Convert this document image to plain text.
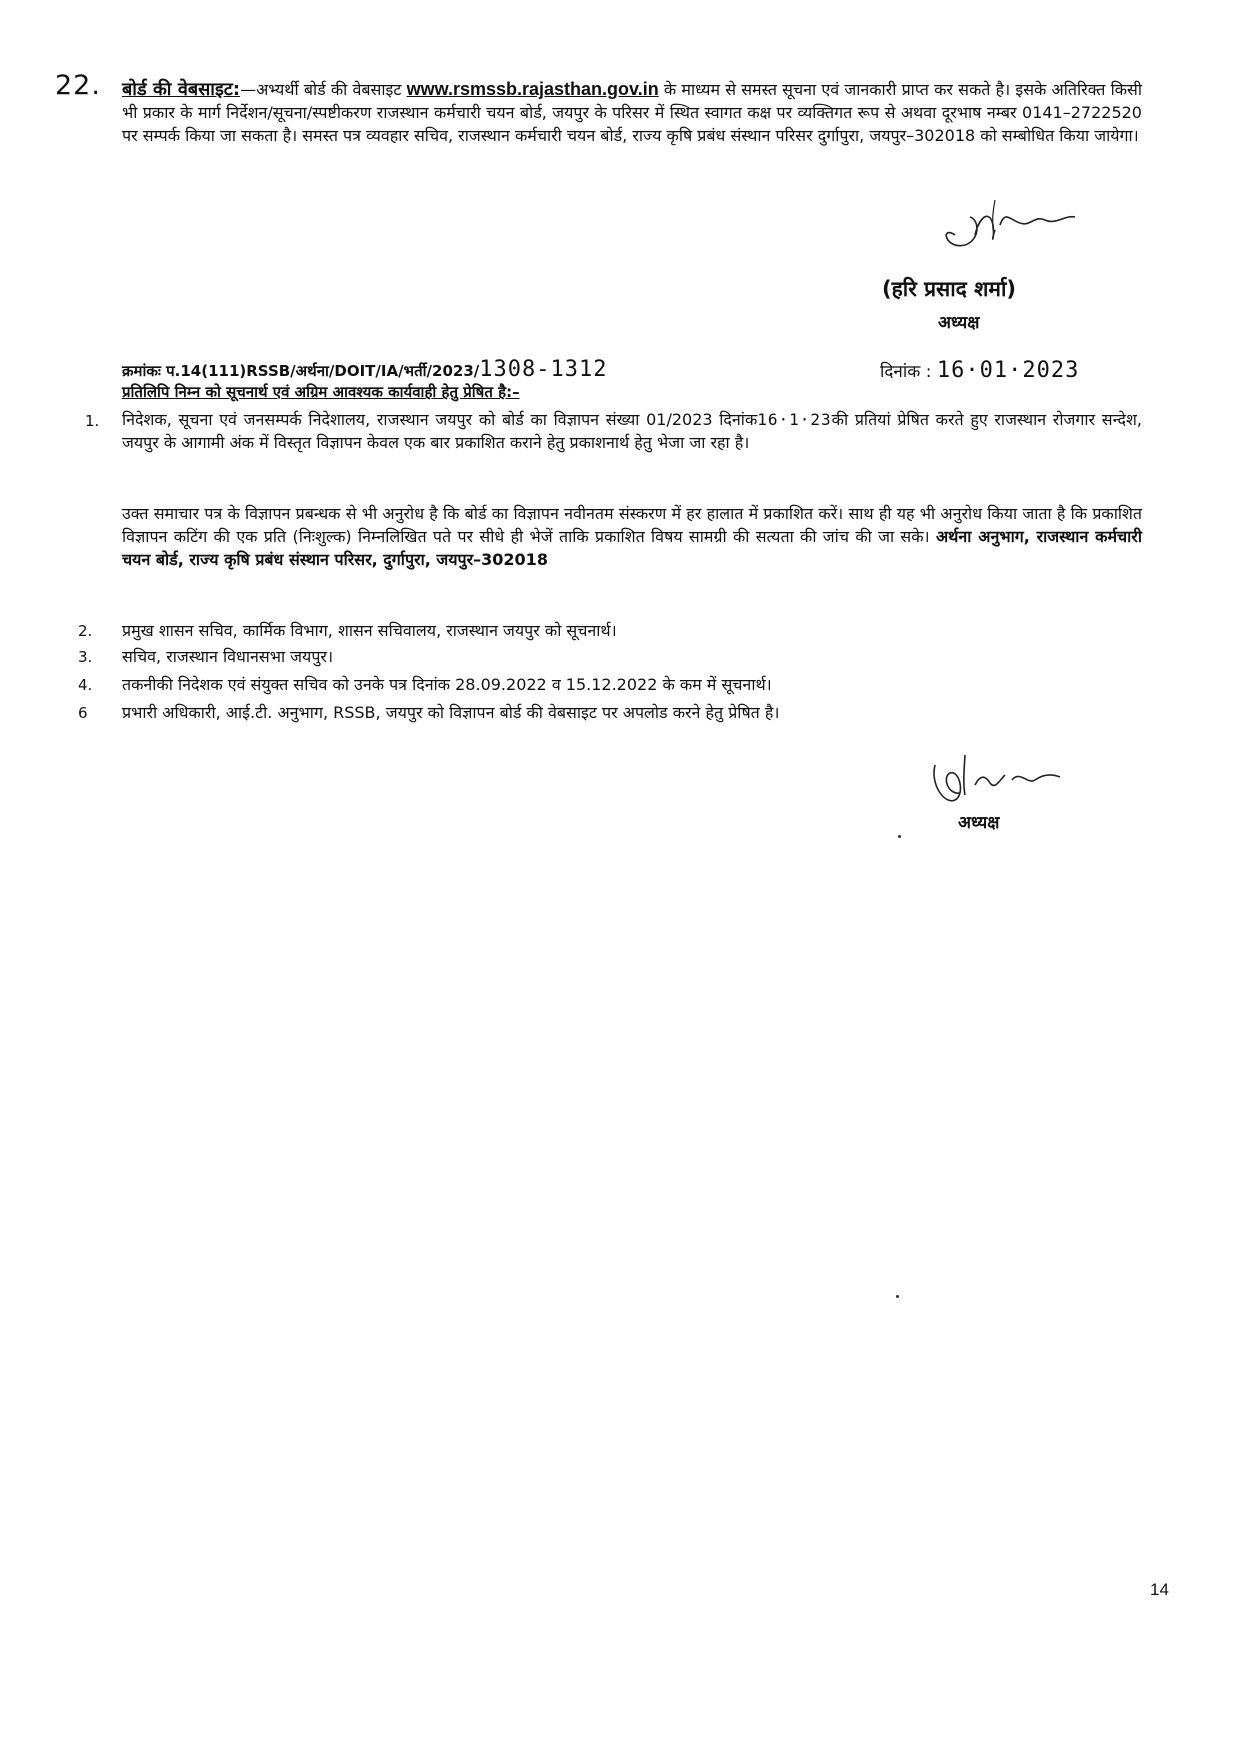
22. बोर्ड की वेबसाइट:—अभ्यर्थी बोर्ड की वेबसाइट www.rsmssb.rajasthan.gov.in के माध्यम से समस्त सूचना एवं जानकारी प्राप्त कर सकते है। इसके अतिरिक्त किसी भी प्रकार के मार्ग निर्देशन/सूचना/स्पष्टीकरण राजस्थान कर्मचारी चयन बोर्ड, जयपुर के परिसर में स्थित स्वागत कक्ष पर व्यक्तिगत रूप से अथवा दूरभाष नम्बर 0141–2722520 पर सम्पर्क किया जा सकता है। समस्त पत्र व्यवहार सचिव, राजस्थान कर्मचारी चयन बोर्ड, राज्य कृषि प्रबंध संस्थान परिसर दुर्गापुरा, जयपुर–302018 को सम्बोधित किया जायेगा।
(हरि प्रसाद शर्मा)
अध्यक्ष
क्रमांकः प.14(111)RSSB/अर्थना/DOIT/IA/भर्ती/2023/1308-1312	दिनांक : 16·01·2023
प्रतिलिपि निम्न को सूचनार्थ एवं अग्रिम आवश्यक कार्यवाही हेतु प्रेषित है:–
1. निदेशक, सूचना एवं जनसम्पर्क निदेशालय, राजस्थान जयपुर को बोर्ड का विज्ञापन संख्या 01/2023 दिनांक16·1·23की प्रतियां प्रेषित करते हुए राजस्थान रोजगार सन्देश, जयपुर के आगामी अंक में विस्तृत विज्ञापन केवल एक बार प्रकाशित कराने हेतु प्रकाशनार्थ हेतु भेजा जा रहा है।
उक्त समाचार पत्र के विज्ञापन प्रबन्धक से भी अनुरोध है कि बोर्ड का विज्ञापन नवीनतम संस्करण में हर हालात में प्रकाशित करें। साथ ही यह भी अनुरोध किया जाता है कि प्रकाशित विज्ञापन कटिंग की एक प्रति (निःशुल्क) निम्नलिखित पते पर सीधे ही भेजें ताकि प्रकाशित विषय सामग्री की सत्यता की जांच की जा सके। अर्थना अनुभाग, राजस्थान कर्मचारी चयन बोर्ड, राज्य कृषि प्रबंध संस्थान परिसर, दुर्गापुरा, जयपुर–302018
2. प्रमुख शासन सचिव, कार्मिक विभाग, शासन सचिवालय, राजस्थान जयपुर को सूचनार्थ।
3. सचिव, राजस्थान विधानसभा जयपुर।
4. तकनीकी निदेशक एवं संयुक्त सचिव को उनके पत्र दिनांक 28.09.2022 व 15.12.2022 के कम में सूचनार्थ।
6 प्रभारी अधिकारी, आई.टी. अनुभाग, RSSB, जयपुर को विज्ञापन बोर्ड की वेबसाइट पर अपलोड करने हेतु प्रेषित है।
अध्यक्ष
14
